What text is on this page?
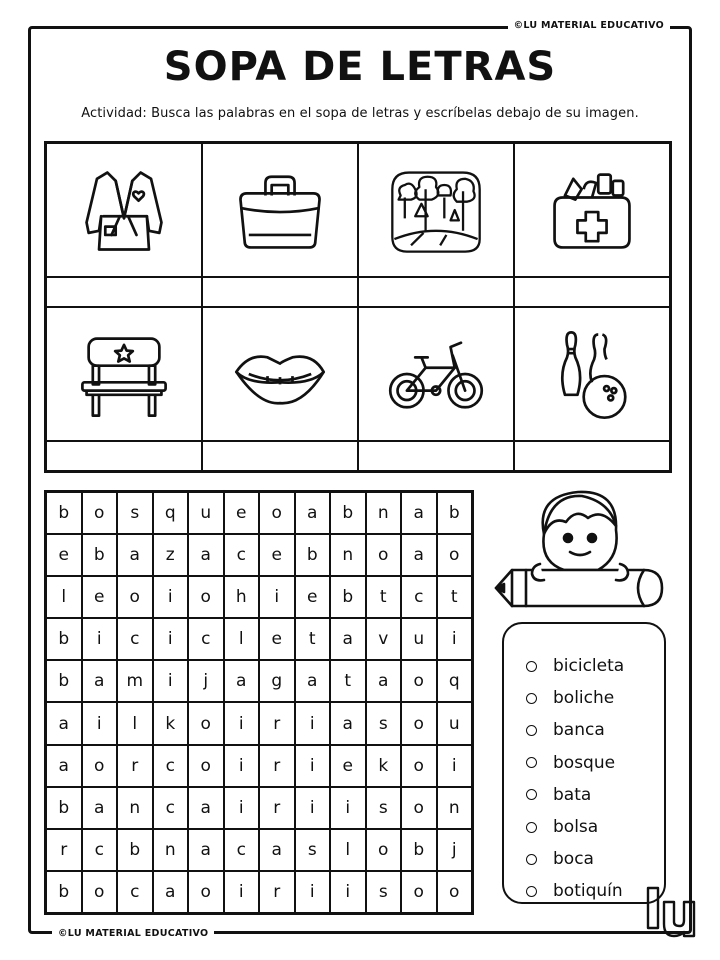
©LU MATERIAL EDUCATIVO
©LU MATERIAL EDUCATIVO
SOPA DE LETRAS

Actividad: Busca las palabras en el sopa de letras y escríbelas debajo de su imagen.

b	o	s	q	u	e	o	a	b	n	a	b
e	b	a	z	a	c	e	b	n	o	a	o
l	e	o	i	o	h	i	e	b	t	c	t
b	i	c	i	c	l	e	t	a	v	u	i
b	a	m	i	j	a	g	a	t	a	o	q
a	i	l	k	o	i	r	i	a	s	o	u
a	o	r	c	o	i	r	i	e	k	o	i
b	a	n	c	a	i	r	i	i	s	o	n
r	c	b	n	a	c	a	s	l	o	b	j
b	o	c	a	o	i	r	i	i	s	o	o
bicicleta
boliche
banca
bosque
bata
bolsa
boca
botiquín
